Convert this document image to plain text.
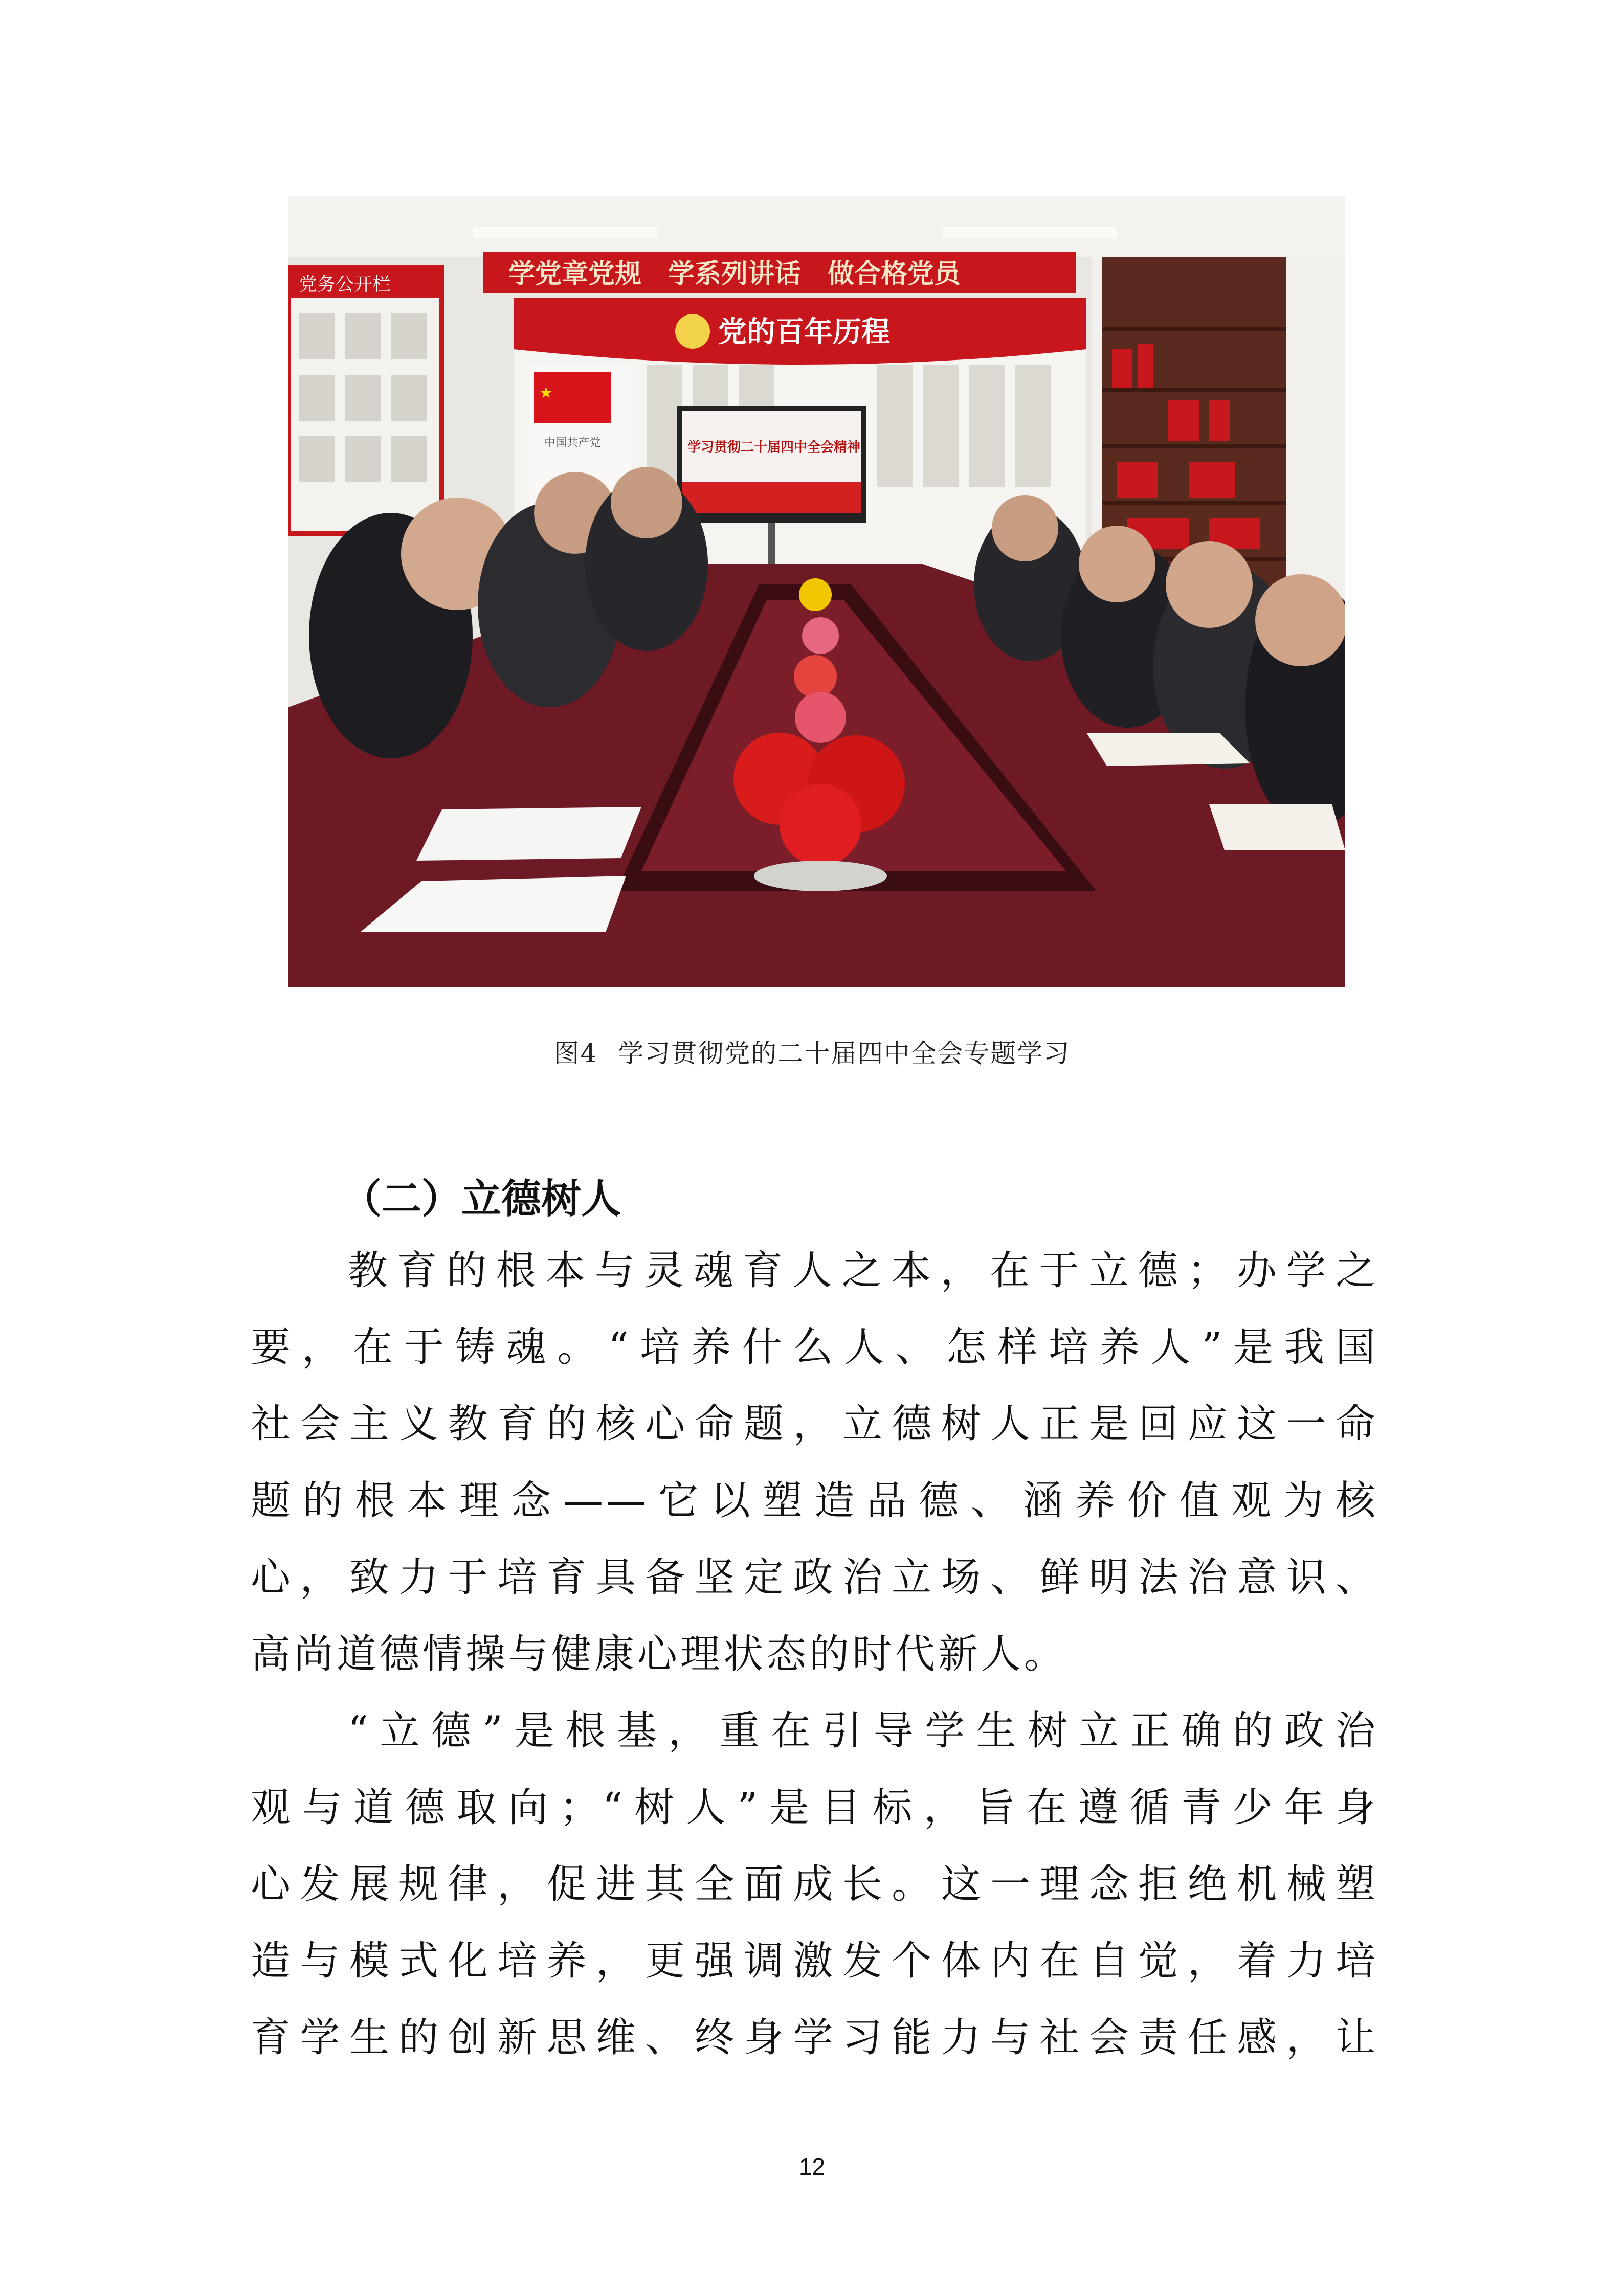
党务公开栏	学党章党规　学系列讲话　做合格党员
党的百年历程
★
中国共产党	学习贯彻二十届四中全会精神
图4 学习贯彻党的二十届四中全会专题学习
（二）立德树人

教育的根本与灵魂育人之本，在于立德；办学之
要，在于铸魂。“培养什么人、怎样培养人”是我国
社会主义教育的核心命题，立德树人正是回应这一命
题的根本理念——它以塑造品德、涵养价值观为核
心，致力于培育具备坚定政治立场、鲜明法治意识、
高尚道德情操与健康心理状态的时代新人。

“立德”是根基，重在引导学生树立正确的政治
观与道德取向；“树人”是目标，旨在遵循青少年身
心发展规律，促进其全面成长。这一理念拒绝机械塑
造与模式化培养，更强调激发个体内在自觉，着力培
育学生的创新思维、终身学习能力与社会责任感，让

12
